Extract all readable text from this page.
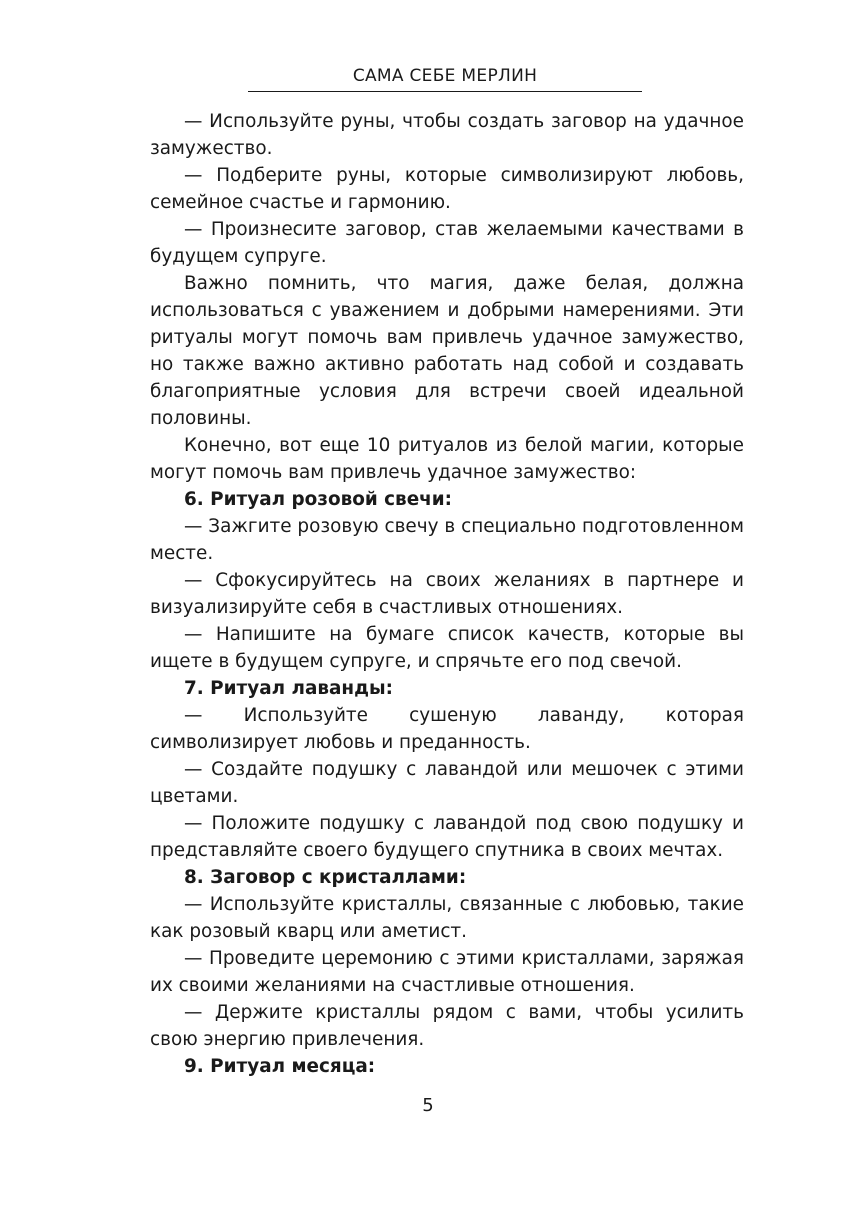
САМА СЕБЕ МЕРЛИН

— Используйте руны, чтобы создать заговор на удачное замужество.

— Подберите руны, которые символизируют любовь, семейное счастье и гармонию.

— Произнесите заговор, став желаемыми качествами в будущем супруге.

Важно помнить, что магия, даже белая, должна использоваться с уважением и добрыми намерениями. Эти ритуалы могут помочь вам привлечь удачное замужество, но также важно активно работать над собой и создавать благоприятные условия для встречи своей идеальной половины.

Конечно, вот еще 10 ритуалов из белой магии, которые могут помочь вам привлечь удачное замужество:

6. Ритуал розовой свечи:

— Зажгите розовую свечу в специально подготовленном месте.

— Сфокусируйтесь на своих желаниях в партнере и визуализируйте себя в счастливых отношениях.

— Напишите на бумаге список качеств, которые вы ищете в будущем супруге, и спрячьте его под свечой.

7. Ритуал лаванды:

— Используйте сушеную лаванду, которая символизирует любовь и преданность.

— Создайте подушку с лавандой или мешочек с этими цветами.

— Положите подушку с лавандой под свою подушку и представляйте своего будущего спутника в своих мечтах.

8. Заговор с кристаллами:

— Используйте кристаллы, связанные с любовью, такие как розовый кварц или аметист.

— Проведите церемонию с этими кристаллами, заряжая их своими желаниями на счастливые отношения.

— Держите кристаллы рядом с вами, чтобы усилить свою энергию привлечения.

9. Ритуал месяца:

5
